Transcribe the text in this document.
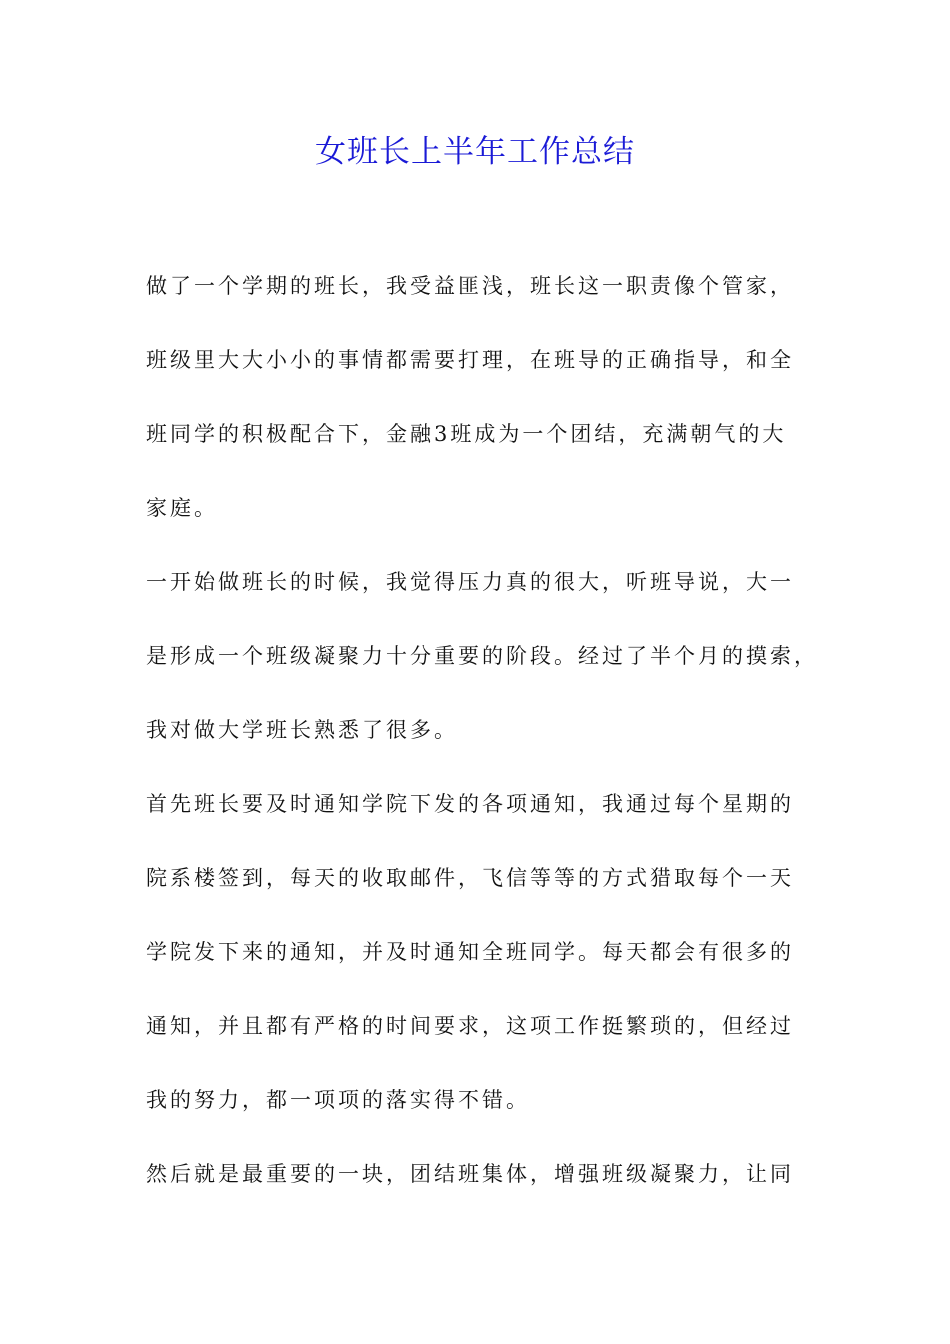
女班长上半年工作总结
做了一个学期的班长，我受益匪浅，班长这一职责像个管家，
班级里大大小小的事情都需要打理，在班导的正确指导，和全
班同学的积极配合下，金融3班成为一个团结，充满朝气的大
家庭。
一开始做班长的时候，我觉得压力真的很大，听班导说，大一
是形成一个班级凝聚力十分重要的阶段。经过了半个月的摸索，
我对做大学班长熟悉了很多。
首先班长要及时通知学院下发的各项通知，我通过每个星期的
院系楼签到，每天的收取邮件，飞信等等的方式猎取每个一天
学院发下来的通知，并及时通知全班同学。每天都会有很多的
通知，并且都有严格的时间要求，这项工作挺繁琐的，但经过
我的努力，都一项项的落实得不错。
然后就是最重要的一块，团结班集体，增强班级凝聚力，让同
